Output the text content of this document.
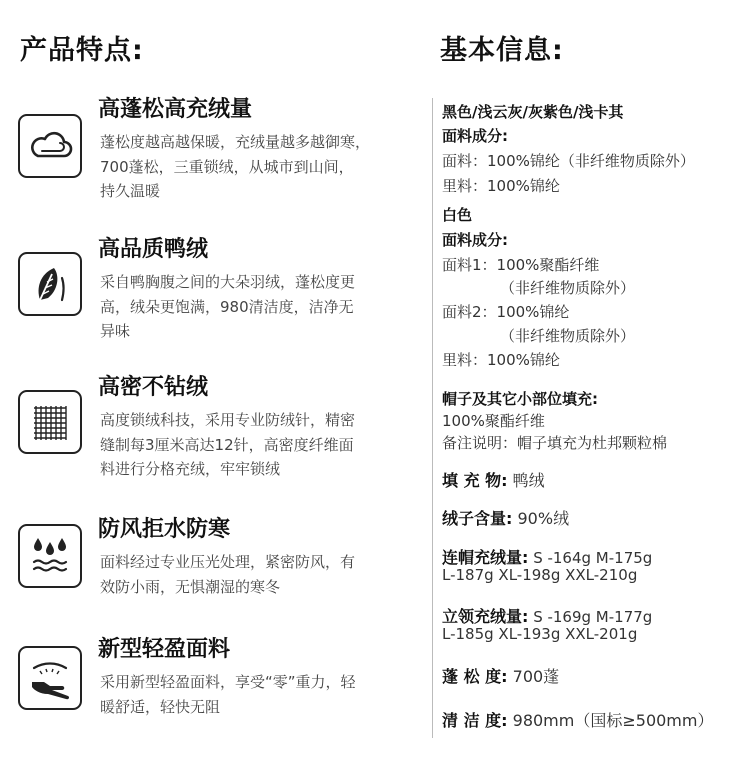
产品特点:	基本信息:
高蓬松高充绒量
蓬松度越高越保暖，充绒量越多越御寒，
700蓬松，三重锁绒，从城市到山间，
持久温暖
高品质鸭绒
采自鸭胸腹之间的大朵羽绒，蓬松度更
高，绒朵更饱满，980清洁度，洁净无
异味
高密不钻绒
高度锁绒科技，采用专业防绒针，精密
缝制每3厘米高达12针，高密度纤维面
料进行分格充绒，牢牢锁绒
防风拒水防寒
面料经过专业压光处理，紧密防风，有
效防小雨，无惧潮湿的寒冬
新型轻盈面料
采用新型轻盈面料，享受“零”重力，轻
暖舒适，轻快无阻
黑色/浅云灰/灰紫色/浅卡其
面料成分:
面料：100%锦纶（非纤维物质除外）
里料：100%锦纶
白色
面料成分:
面料1：100%聚酯纤维
（非纤维物质除外）
面料2：100%锦纶
（非纤维物质除外）
里料：100%锦纶
帽子及其它小部位填充:
100%聚酯纤维
备注说明：帽子填充为杜邦颗粒棉
填 充 物: 鸭绒
绒子含量: 90%绒
连帽充绒量: S -164g M-175g
L-187g XL-198g XXL-210g
立领充绒量: S -169g M-177g
L-185g XL-193g XXL-201g
蓬 松 度: 700蓬
清 洁 度: 980mm（国标≥500mm）
